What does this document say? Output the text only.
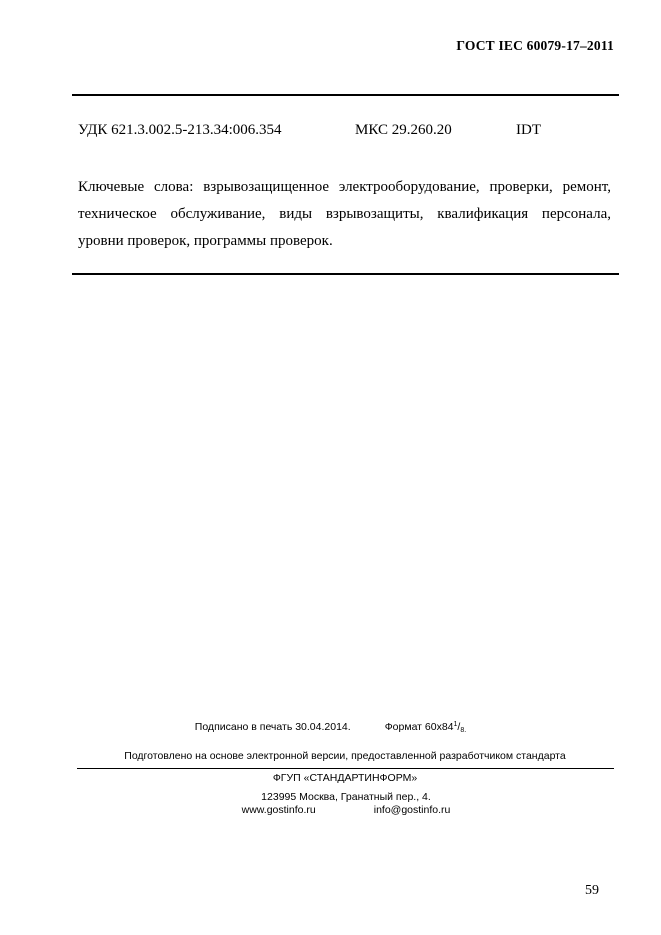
ГОСТ IEC 60079-17–2011
УДК 621.3.002.5-213.34:006.354	МКС 29.260.20	IDT
Ключевые слова: взрывозащищенное электрооборудование, проверки, ремонт,
техническое обслуживание, виды взрывозащиты, квалификация персонала,
уровни проверок, программы проверок.
Подписано в печать 30.04.2014.	Формат $60х84^1/_{8.}$
Подготовлено на основе электронной версии, предоставленной разработчиком стандарта
ФГУП «СТАНДАРТИНФОРМ»
123995 Москва, Гранатный пер., 4.
www.gostinfo.ru	info@gostinfo.ru
59
